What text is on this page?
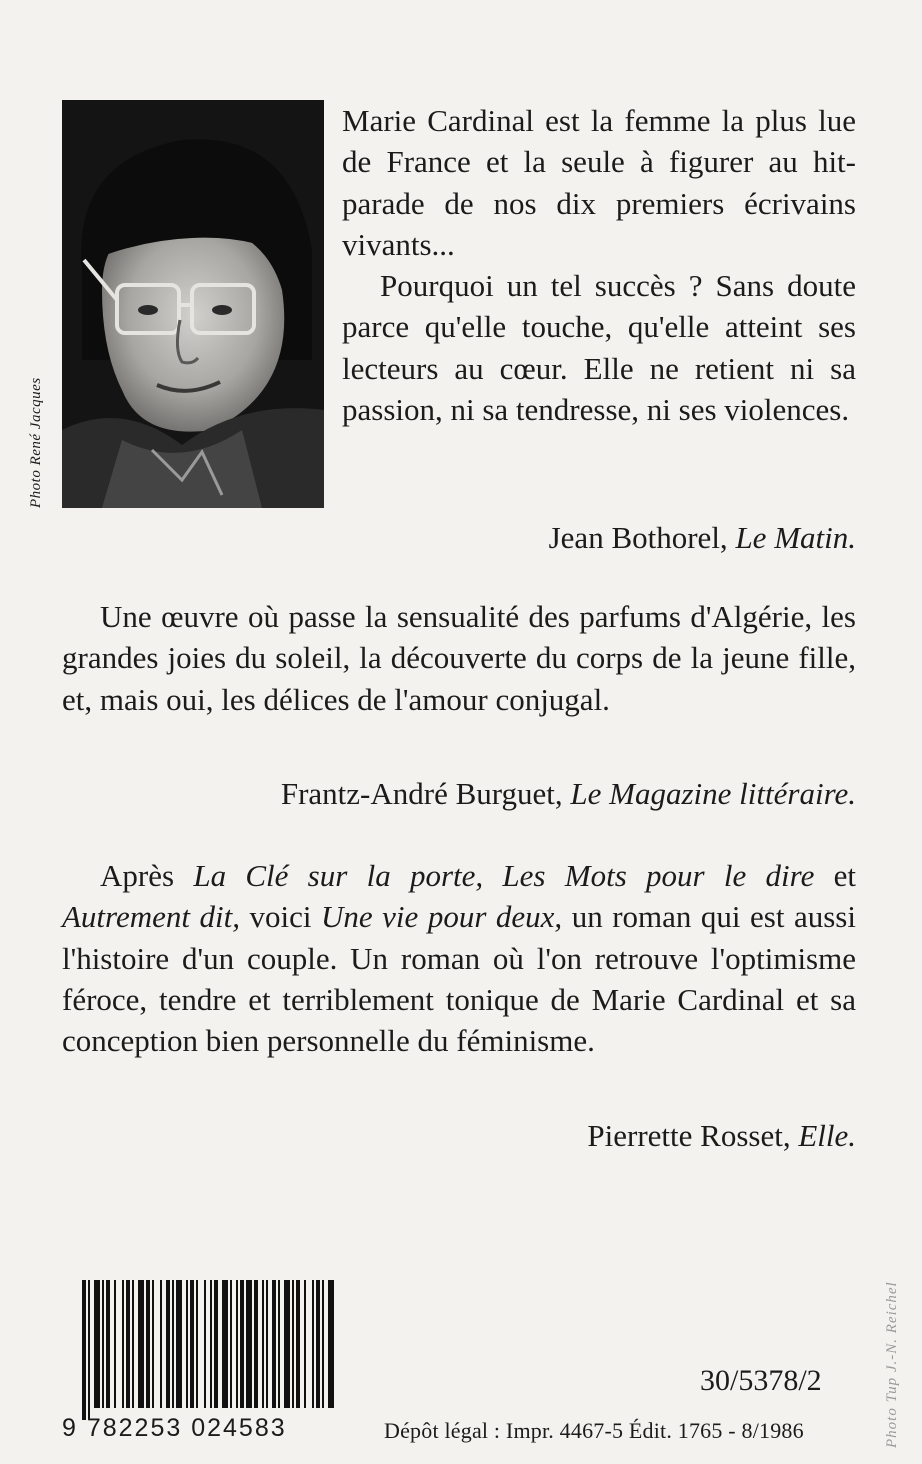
Photo René Jacques

Marie Cardinal est la femme la plus lue de France et la seule à figurer au hit-parade de nos dix premiers écrivains vivants...
Pourquoi un tel succès ? Sans doute parce qu'elle touche, qu'elle atteint ses lecteurs au cœur. Elle ne retient ni sa passion, ni sa tendresse, ni ses violences.

Jean Bothorel, Le Matin.

Une œuvre où passe la sensualité des parfums d'Algérie, les grandes joies du soleil, la découverte du corps de la jeune fille, et, mais oui, les délices de l'amour conjugal.

Frantz-André Burguet, Le Magazine littéraire.

Après La Clé sur la porte, Les Mots pour le dire et Autrement dit, voici Une vie pour deux, un roman qui est aussi l'histoire d'un couple. Un roman où l'on retrouve l'optimisme féroce, tendre et terriblement tonique de Marie Cardinal et sa conception bien personnelle du féminisme.

Pierrette Rosset, Elle.

9 782253 024583
30/5378/2
Dépôt légal : Impr. 4467-5 Édit. 1765 - 8/1986	Photo Tup J.-N. Reichel
